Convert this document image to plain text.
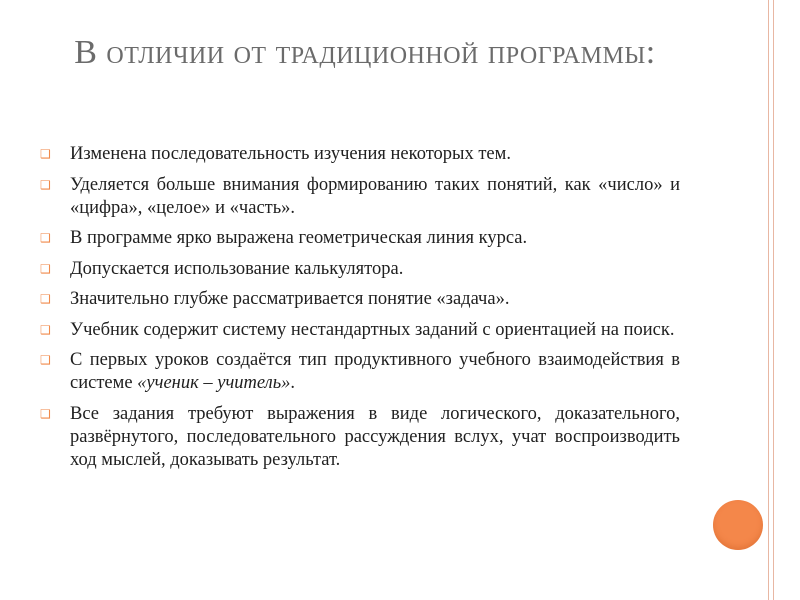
В отличии от традиционной программы:
❑ Изменена последовательность изучения некоторых тем.
❑ Уделяется больше внимания формированию таких понятий, как «число» и «цифра», «целое» и «часть».
❑ В программе ярко выражена геометрическая линия курса.
❑ Допускается использование калькулятора.
❑ Значительно глубже рассматривается понятие «задача».
❑ Учебник содержит систему нестандартных заданий с ориентацией на поиск.
❑ С первых уроков создаётся тип продуктивного учебного взаимодействия в системе «ученик – учитель».
❑ Все задания требуют выражения в виде логического, доказательного, развёрнутого, последовательного рассуждения вслух, учат воспроизводить ход мыслей, доказывать результат.
